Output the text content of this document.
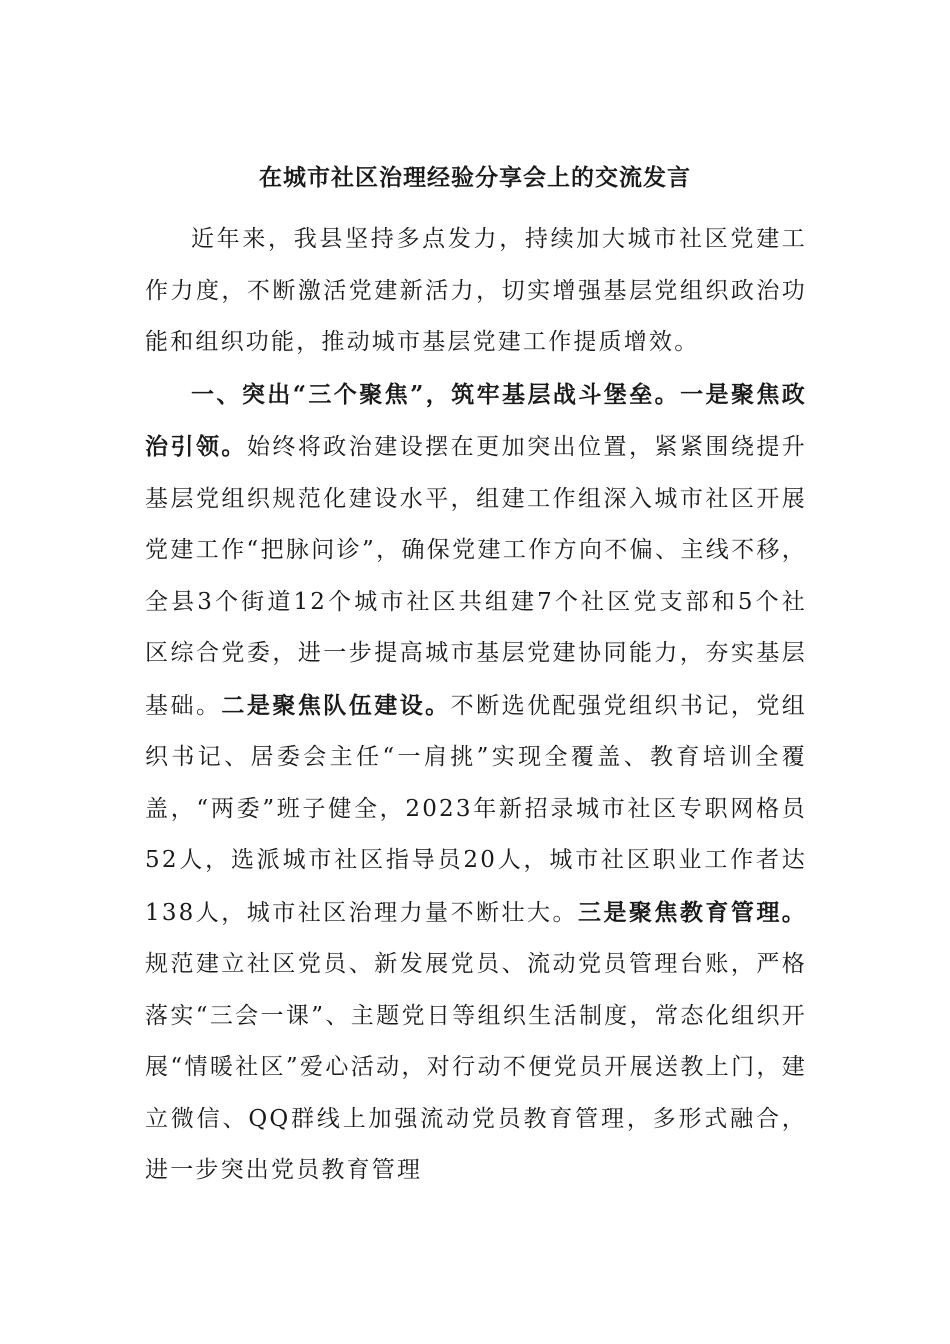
在城市社区治理经验分享会上的交流发言

近年来，我县坚持多点发力，持续加大城市社区党建工作力度，不断激活党建新活力，切实增强基层党组织政治功能和组织功能，推动城市基层党建工作提质增效。

一、突出“三个聚焦”，筑牢基层战斗堡垒。一是聚焦政治引领。始终将政治建设摆在更加突出位置，紧紧围绕提升基层党组织规范化建设水平，组建工作组深入城市社区开展党建工作“把脉问诊”，确保党建工作方向不偏、主线不移，全县3个街道12个城市社区共组建7个社区党支部和5个社区综合党委，进一步提高城市基层党建协同能力，夯实基层基础。二是聚焦队伍建设。不断选优配强党组织书记，党组织书记、居委会主任“一肩挑”实现全覆盖、教育培训全覆盖，“两委”班子健全，2023年新招录城市社区专职网格员52人，选派城市社区指导员20人，城市社区职业工作者达138人，城市社区治理力量不断壮大。三是聚焦教育管理。规范建立社区党员、新发展党员、流动党员管理台账，严格落实“三会一课”、主题党日等组织生活制度，常态化组织开展“情暖社区”爱心活动，对行动不便党员开展送教上门，建立微信、QQ群线上加强流动党员教育管理，多形式融合，进一步突出党员教育管理
